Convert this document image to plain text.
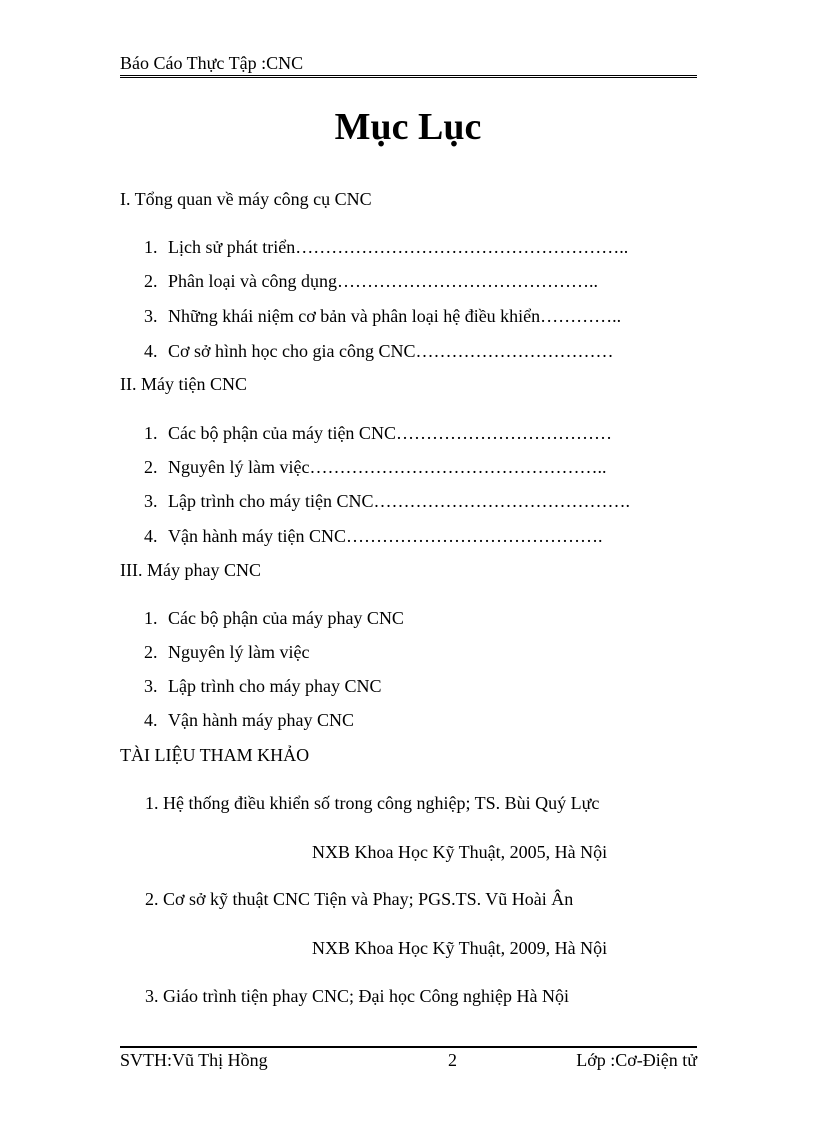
Báo Cáo Thực Tập :CNC
Mục Lục
I. Tổng quan về máy công cụ CNC
1. Lịch sử phát triển………………………………………………..
2. Phân loại và công dụng……………………………………..
3. Những khái niệm cơ bản và phân loại hệ điều khiển…………..
4. Cơ sở hình học cho gia công CNC……………………………
II. Máy tiện CNC
1. Các bộ phận của máy tiện CNC………………………………
2. Nguyên lý làm việc…………………………………………..
3. Lập trình cho máy tiện CNC…………………………………….
4. Vận hành máy tiện CNC…………………………………….
III. Máy phay CNC
1. Các bộ phận của máy phay CNC
2. Nguyên lý làm việc
3. Lập trình cho máy phay CNC
4. Vận hành máy phay CNC
TÀI LIỆU THAM KHẢO
1. Hệ thống điều khiển số trong công nghiệp; TS. Bùi Quý Lực
NXB Khoa Học Kỹ Thuật, 2005, Hà Nội
2. Cơ sở kỹ thuật CNC Tiện và Phay; PGS.TS. Vũ Hoài Ân
NXB Khoa Học Kỹ Thuật, 2009, Hà Nội
3. Giáo trình tiện phay CNC; Đại học Công nghiệp Hà Nội
SVTH:Vũ Thị Hồng	2	Lớp :Cơ-Điện tử
